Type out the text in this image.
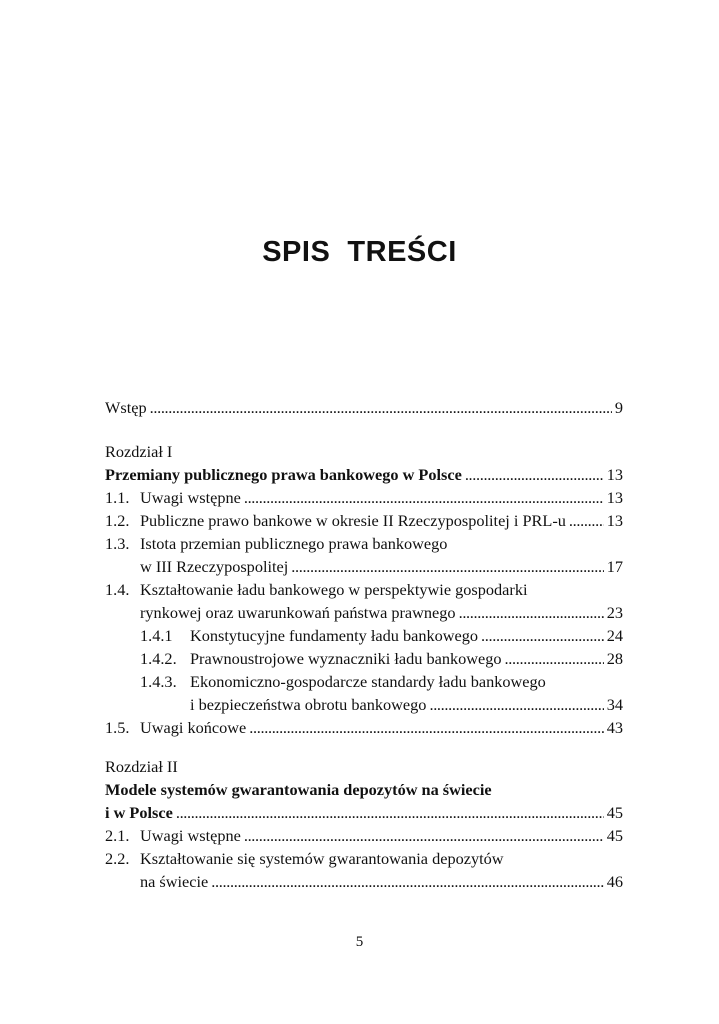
SPIS  TREŚCI
Wstęp . . .	9
Rozdział I
Przemiany publicznego prawa bankowego w Polsce . . .	13
1.1. Uwagi wstępne . . .	13
1.2. Publiczne prawo bankowe w okresie II Rzeczypospolitej i PRL-u . . .	13
1.3. Istota przemian publicznego prawa bankowego
w III Rzeczypospolitej . . .	17
1.4. Kształtowanie ładu bankowego w perspektywie gospodarki
rynkowej oraz uwarunkowań państwa prawnego . . .	23
1.4.1 Konstytucyjne fundamenty ładu bankowego . . .	24
1.4.2. Prawnoustrojowe wyznaczniki ładu bankowego . . .	28
1.4.3. Ekonomiczno-gospodarcze standardy ładu bankowego
i bezpieczeństwa obrotu bankowego . . .	34
1.5. Uwagi końcowe . . .	43
Rozdział II
Modele systemów gwarantowania depozytów na świecie
i w Polsce . . .	45
2.1. Uwagi wstępne . . .	45
2.2. Kształtowanie się systemów gwarantowania depozytów
na świecie . . .	46
5
